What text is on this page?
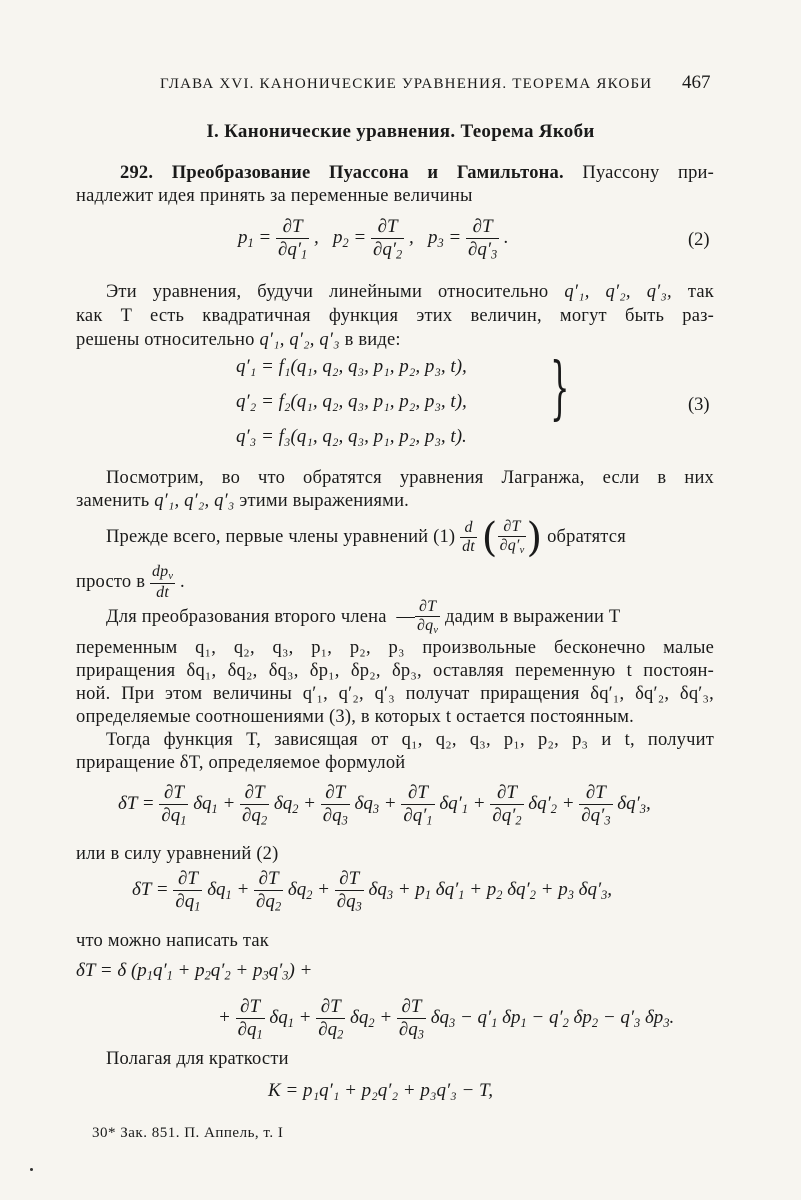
ГЛАВА XVI. КАНОНИЧЕСКИЕ УРАВНЕНИЯ. ТЕОРЕМА ЯКОБИ	467
I. Канонические уравнения. Теорема Якоби
292. Преобразование Пуассона и Гамильтона. Пуассону при-
надлежит идея принять за переменные величины
$p_1 = \frac{\partial T}{\partial q'_1}$ ,   $p_2 = \frac{\partial T}{\partial q'_2}$ ,   $p_3 = \frac{\partial T}{\partial q'_3}$ .	(2)
Эти уравнения, будучи линейными относительно q′₁, q′₂, q′₃, так
как T есть квадратичная функция этих величин, могут быть раз-
решены относительно q′₁, q′₂, q′₃ в виде:
q′₁ = f₁(q₁, q₂, q₃, p₁, p₂, p₃, t),
q′₂ = f₂(q₁, q₂, q₃, p₁, p₂, p₃, t),
q′₃ = f₃(q₁, q₂, q₃, p₁, p₂, p₃, t).
}	(3)
Посмотрим, во что обратятся уравнения Лагранжа, если в них
заменить q′₁, q′₂, q′₃ этими выражениями.
Прежде всего, первые члены уравнений $(1) \frac{d}{dt}$ ( $\frac{\partial T}{\partial q'_\nu}$ ) обратятся
просто в $\frac{dp_\nu}{dt}$ .
Для преобразования второго члена  — $\frac{\partial T}{\partial q_\nu}$ дадим в выражении T
переменным q₁, q₂, q₃, p₁, p₂, p₃ произвольные бесконечно малые
приращения δq₁, δq₂, δq₃, δp₁, δp₂, δp₃, оставляя переменную t постоян-
ной. При этом величины q′₁, q′₂, q′₃ получат приращения δq′₁, δq′₂, δq′₃,
определяемые соотношениями (3), в которых t остается постоянным.
Тогда функция T, зависящая от q₁, q₂, q₃, p₁, p₂, p₃ и t, получит
приращение δT, определяемое формулой
$\delta T = \frac{\partial T}{\partial q_1} \delta q_1 + \frac{\partial T}{\partial q_2} \delta q_2 + \frac{\partial T}{\partial q_3} \delta q_3 + \frac{\partial T}{\partial q'_1} \delta q'_1 + \frac{\partial T}{\partial q'_2} \delta q'_2 + \frac{\partial T}{\partial q'_3} \delta q'_3$,
или в силу уравнений (2)
$\delta T = \frac{\partial T}{\partial q_1} \delta q_1 + \frac{\partial T}{\partial q_2} \delta q_2 + \frac{\partial T}{\partial q_3} \delta q_3 + p_1$ $\delta q'_1 + p_2$ $\delta q'_2 + p_3$ $\delta q'_3$,
что можно написать так
δT = δ $(p_1q'_1 + p_2q'_2 + p_3q'_3)$ +
+ $\frac{\partial T}{\partial q_1} \delta q_1 + \frac{\partial T}{\partial q_2} \delta q_2 + \frac{\partial T}{\partial q_3} \delta q_3 - q'_1$ $\delta p_1 - q'_2$ $\delta p_2 - q'_3$ $\delta p_3$.
Полагая для краткости
K = p₁q′₁ + p₂q′₂ + p₃q′₃ − T,
30* Зак. 851. П. Аппель, т. I
